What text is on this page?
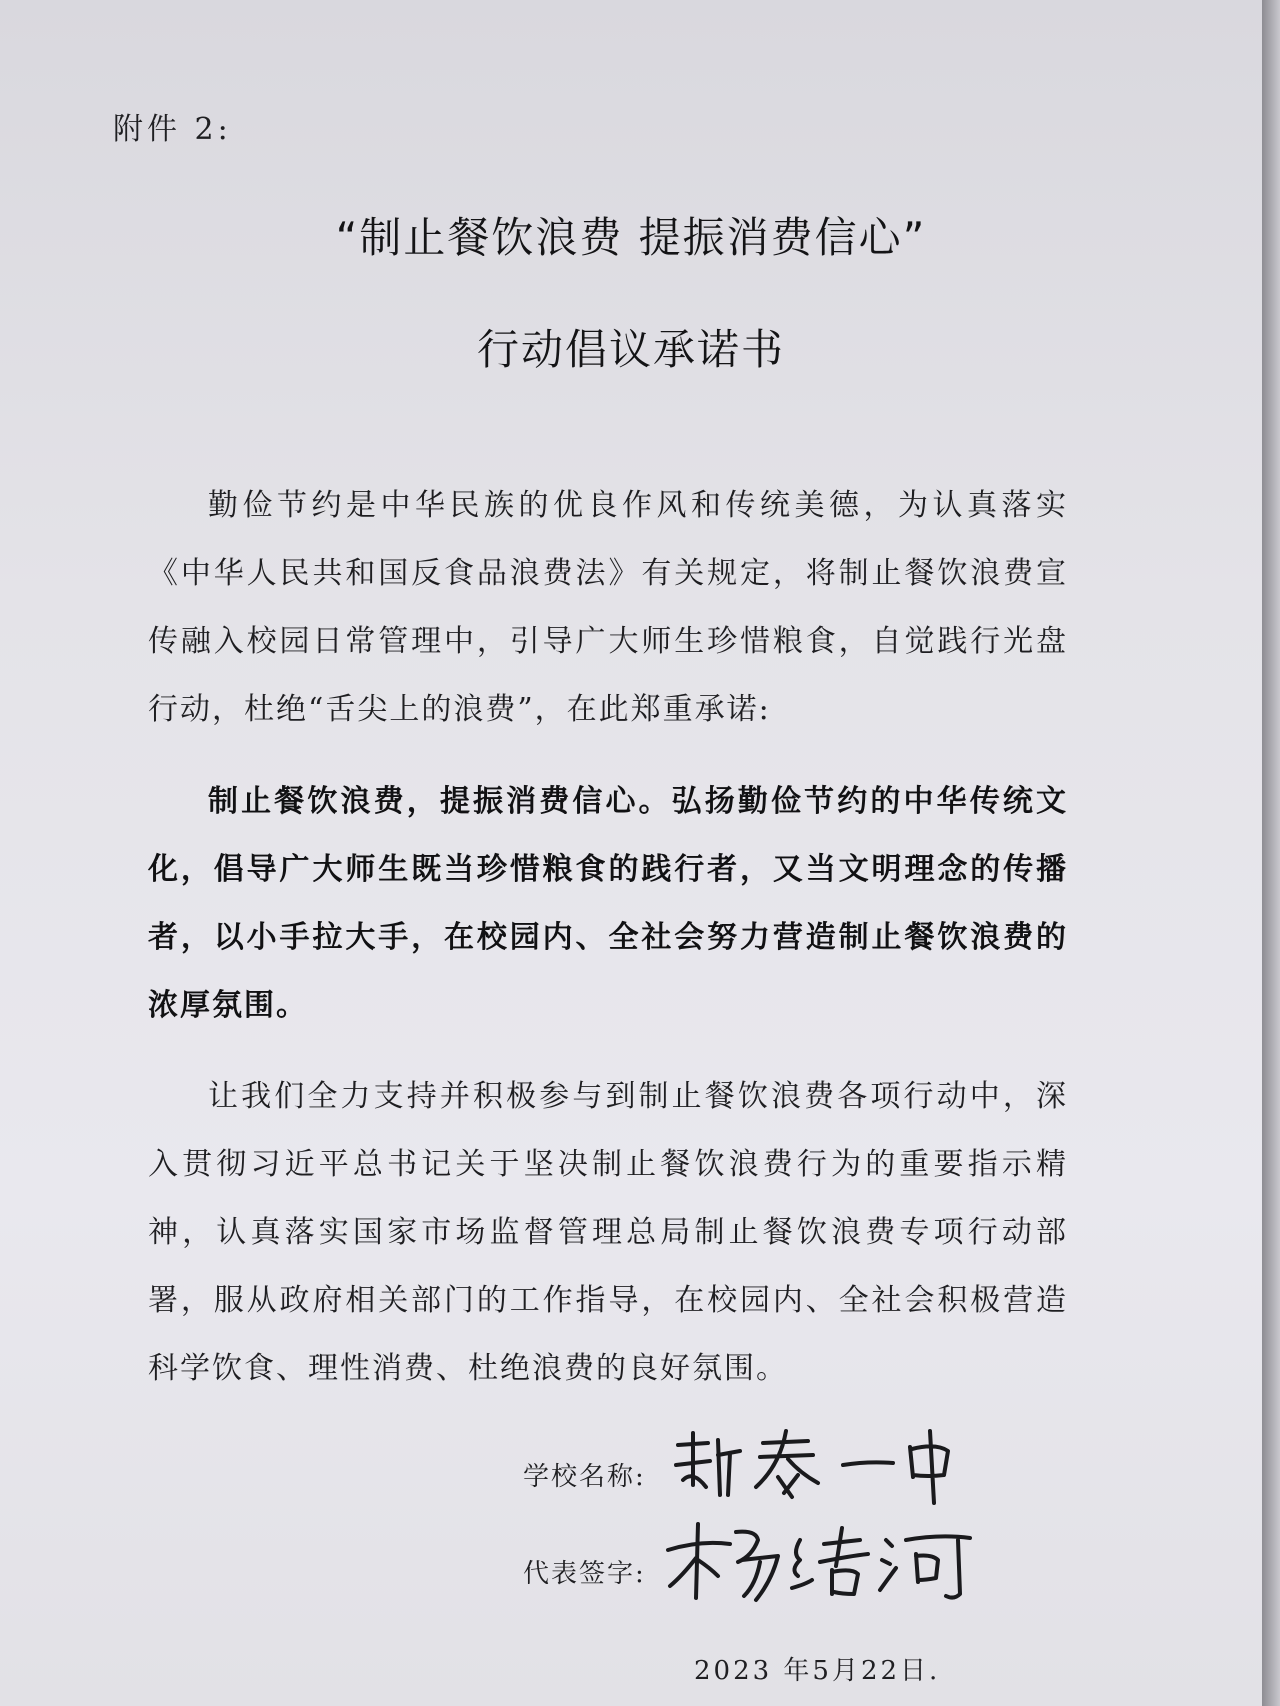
附件 2:
“制止餐饮浪费 提振消费信心”
行动倡议承诺书

勤俭节约是中华民族的优良作风和传统美德，为认真落实《中华人民共和国反食品浪费法》有关规定，将制止餐饮浪费宣传融入校园日常管理中，引导广大师生珍惜粮食，自觉践行光盘行动，杜绝“舌尖上的浪费”，在此郑重承诺:

制止餐饮浪费，提振消费信心。弘扬勤俭节约的中华传统文化，倡导广大师生既当珍惜粮食的践行者，又当文明理念的传播者，以小手拉大手，在校园内、全社会努力营造制止餐饮浪费的浓厚氛围。

让我们全力支持并积极参与到制止餐饮浪费各项行动中，深入贯彻习近平总书记关于坚决制止餐饮浪费行为的重要指示精神，认真落实国家市场监督管理总局制止餐饮浪费专项行动部署，服从政府相关部门的工作指导，在校园内、全社会积极营造科学饮食、理性消费、杜绝浪费的良好氛围。

学校名称:
代表签字:
2023 年5月22日.
